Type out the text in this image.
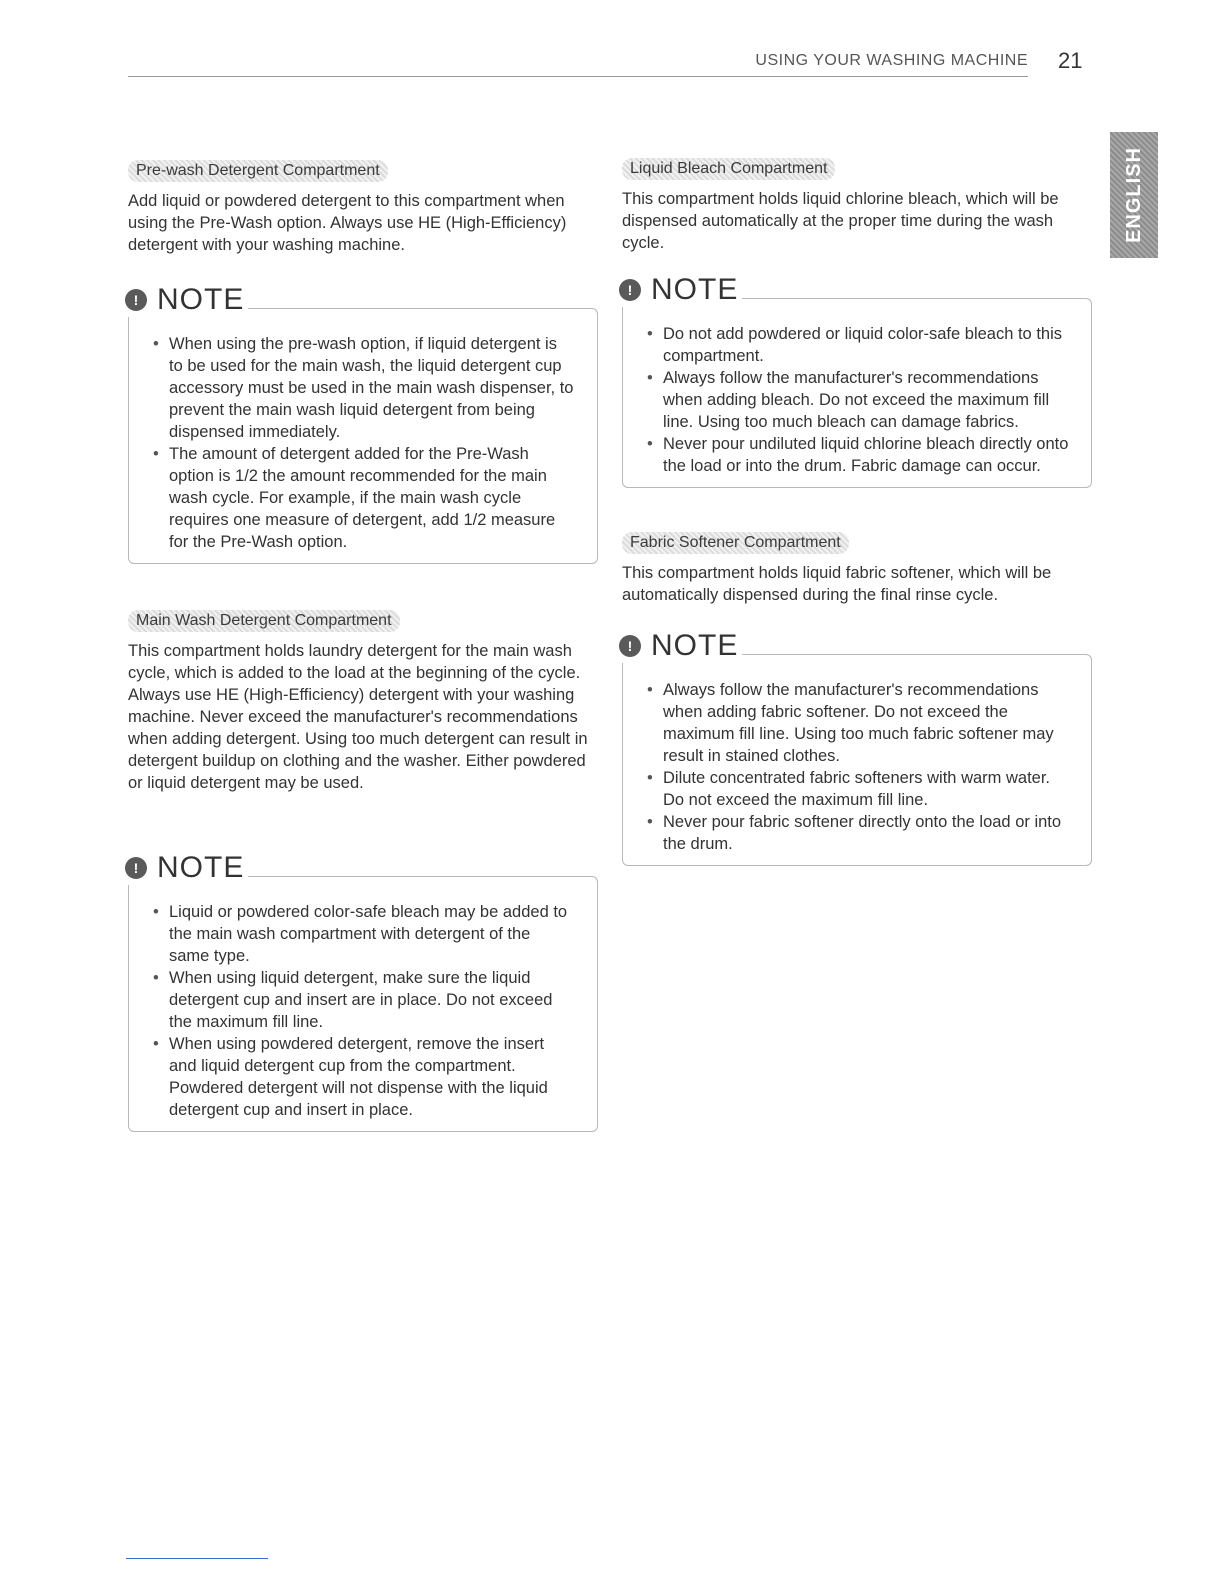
USING YOUR WASHING MACHINE 21
ENGLISH
Pre-wash Detergent Compartment

Add liquid or powdered detergent to this compartment when using the Pre-Wash option. Always use HE (High-Efficiency) detergent with your washing machine.

! NOTE
• When using the pre-wash option, if liquid detergent is to be used for the main wash, the liquid detergent cup accessory must be used in the main wash dispenser, to prevent the main wash liquid detergent from being dispensed immediately.
• The amount of detergent added for the Pre-Wash option is 1/2 the amount recommended for the main wash cycle. For example, if the main wash cycle requires one measure of detergent, add 1/2 measure for the Pre-Wash option.
Main Wash Detergent Compartment

This compartment holds laundry detergent for the main wash cycle, which is added to the load at the beginning of the cycle. Always use HE (High-Efficiency) detergent with your washing machine. Never exceed the manufacturer's recommendations when adding detergent. Using too much detergent can result in detergent buildup on clothing and the washer. Either powdered or liquid detergent may be used.

! NOTE
• Liquid or powdered color-safe bleach may be added to the main wash compartment with detergent of the same type.
• When using liquid detergent, make sure the liquid detergent cup and insert are in place. Do not exceed the maximum fill line.
• When using powdered detergent, remove the insert and liquid detergent cup from the compartment. Powdered detergent will not dispense with the liquid detergent cup and insert in place.
Liquid Bleach Compartment

This compartment holds liquid chlorine bleach, which will be dispensed automatically at the proper time during the wash cycle.

! NOTE
• Do not add powdered or liquid color-safe bleach to this compartment.
• Always follow the manufacturer's recommendations when adding bleach. Do not exceed the maximum fill line. Using too much bleach can damage fabrics.
• Never pour undiluted liquid chlorine bleach directly onto the load or into the drum. Fabric damage can occur.
Fabric Softener Compartment

This compartment holds liquid fabric softener, which will be automatically dispensed during the final rinse cycle.

! NOTE
• Always follow the manufacturer's recommendations when adding fabric softener. Do not exceed the maximum fill line. Using too much fabric softener may result in stained clothes.
• Dilute concentrated fabric softeners with warm water. Do not exceed the maximum fill line.
• Never pour fabric softener directly onto the load or into the drum.
